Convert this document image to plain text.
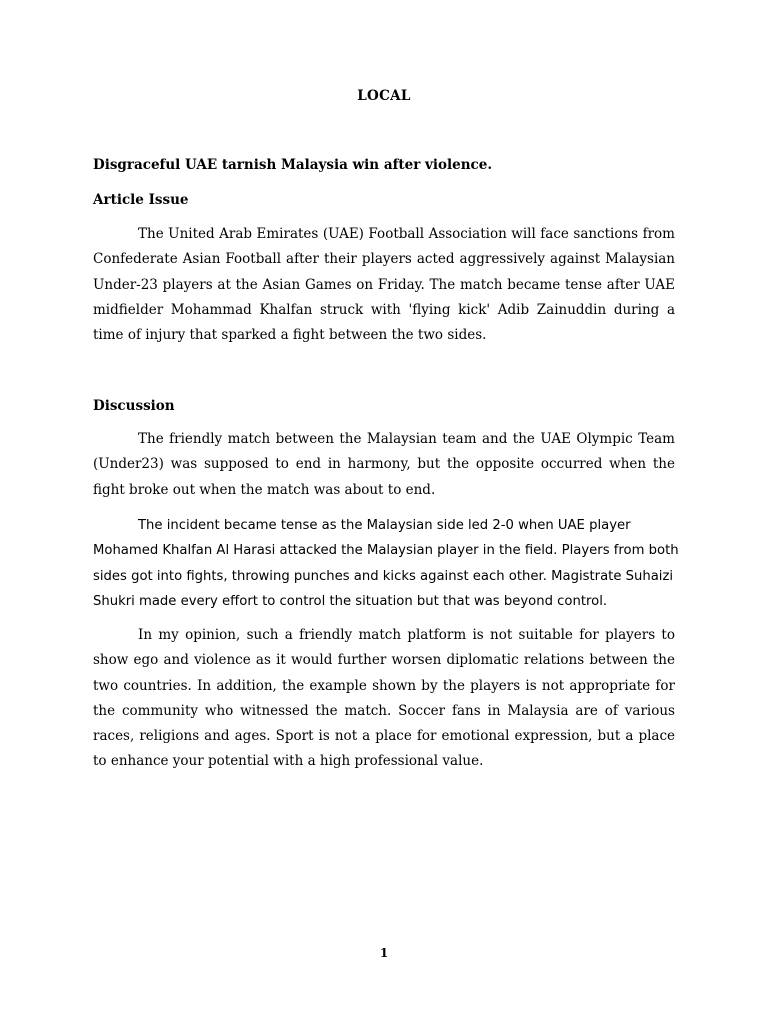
LOCAL
Disgraceful UAE tarnish Malaysia win after violence.
Article Issue

The United Arab Emirates (UAE) Football Association will face sanctions from Confederate Asian Football after their players acted aggressively against Malaysian Under-23 players at the Asian Games on Friday. The match became tense after UAE midfielder Mohammad Khalfan struck with 'flying kick' Adib Zainuddin during a time of injury that sparked a fight between the two sides.

Discussion

The friendly match between the Malaysian team and the UAE Olympic Team (Under23) was supposed to end in harmony, but the opposite occurred when the fight broke out when the match was about to end.

The incident became tense as the Malaysian side led 2-0 when UAE player Mohamed Khalfan Al Harasi attacked the Malaysian player in the field. Players from both sides got into fights, throwing punches and kicks against each other. Magistrate Suhaizi Shukri made every effort to control the situation but that was beyond control.

In my opinion, such a friendly match platform is not suitable for players to show ego and violence as it would further worsen diplomatic relations between the two countries. In addition, the example shown by the players is not appropriate for the community who witnessed the match. Soccer fans in Malaysia are of various races, religions and ages. Sport is not a place for emotional expression, but a place to enhance your potential with a high professional value.

1
